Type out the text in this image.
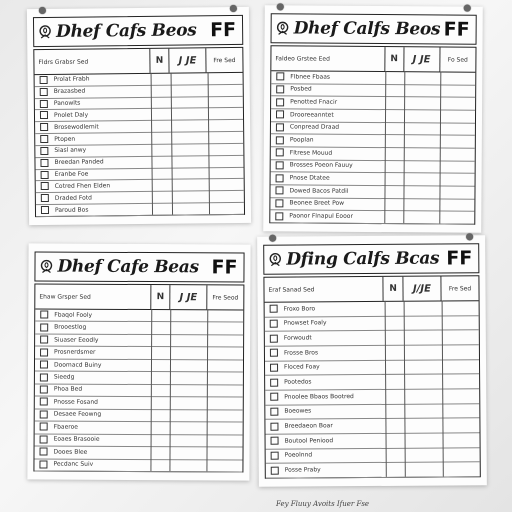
Dhef Cafs Beos FF
Fldrs Grabsr Sed	N	J JE	Fre Sed
Prolat Frabh
Brazasbed
Panowlts
Pnolet Daly
Brosewodlemit
Ptopen
Siasl anwy
Breedan Panded
Eranbe Foe
Cotred Fhen Elden
Draded Fotd
Paroud Bos
Dhef Calfs Beos FF
Faldeo Grstee Eed	N	J JE	Fo Sed
Flbnee Fbaas
Posbed
Penotted Fnacir
Drooreeanntet
Conpread Draad
Pooplan
Fltrese Mouud
Brosses Poeon Fauuy
Pnose Dtatee
Dowed Bacos Patdil
Beonee Breet Pow
Paonor Flnapul Eooor
Dhef Cafe Beas FF
Ehaw Grsper Sed	N	J JE	Fre Seod
Fbaqol Fooly
Brooestlog
Siuaser Eeodly
Prosnerdsmer
Doomacd Buiny
Sieedg
Phoa Bed
Pnosse Fosand
Desaee Feowng
Fbaeroe
Eoaes Brasooie
Dooes Blee
Pecdanc Suiv
Dfing Calfs Bcas FF
Eraf Sanad Sed	N	J/JE	Fre Sed
Froxo Boro
Pnowset Foaly
Forwoudt
Frosse Bros
Floced Foay
Pootedos
Pnoolee Bbaos Bootred
Boeowes
Breedaeon Boar
Boutool Peniood
Poeolnnd
Posse Praby
Fey Fluuy Avoits Ifuer Fse
